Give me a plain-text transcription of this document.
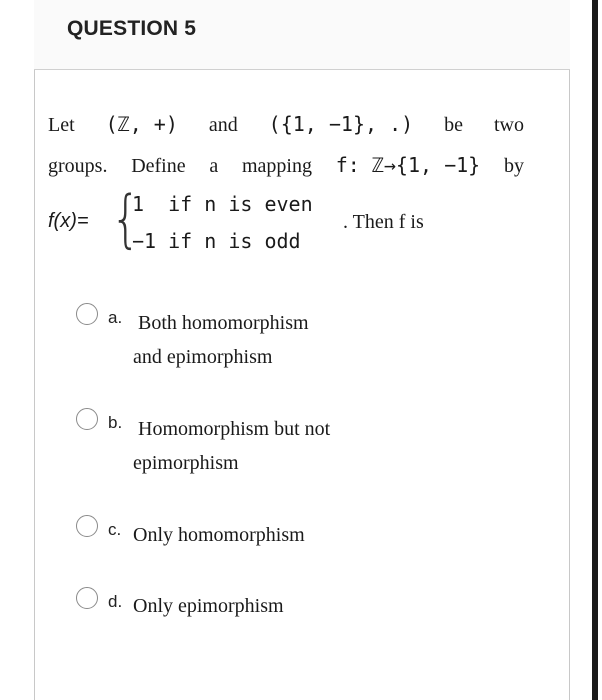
QUESTION 5
Let (ℤ, +) and ({1, −1}, .) be two
groups. Define a mapping f: ℤ→{1, −1} by
f(x)= {
1  if n is even
−1 if n is odd
. Then f is
a. Both homomorphism
and epimorphism
b. Homomorphism but not
epimorphism
c. Only homomorphism
d. Only epimorphism
